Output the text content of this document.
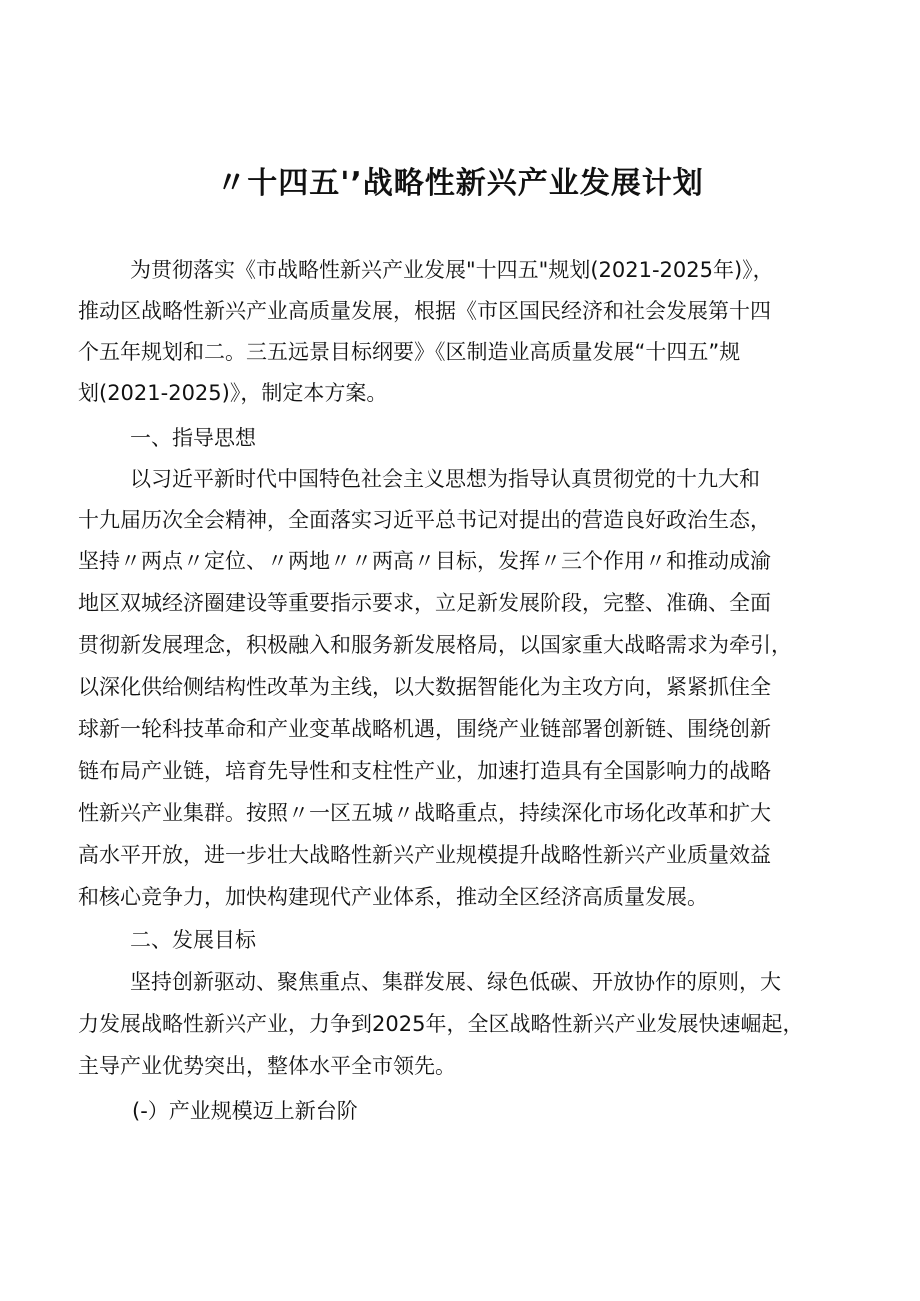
〃十四五'’战略性新兴产业发展计划
为贯彻落实《市战略性新兴产业发展"十四五"规划(2021-2025年)》，
推动区战略性新兴产业高质量发展，根据《市区国民经济和社会发展第十四
个五年规划和二。三五远景目标纲要》《区制造业高质量发展“十四五”规
划(2021-2025)》，制定本方案。
一、指导思想
以习近平新时代中国特色社会主义思想为指导认真贯彻党的十九大和
十九届历次全会精神，全面落实习近平总书记对提出的营造良好政治生态，
坚持〃两点〃定位、〃两地〃〃两高〃目标，发挥〃三个作用〃和推动成渝
地区双城经济圈建设等重要指示要求，立足新发展阶段，完整、准确、全面
贯彻新发展理念，积极融入和服务新发展格局，以国家重大战略需求为牵引，
以深化供给侧结构性改革为主线，以大数据智能化为主攻方向，紧紧抓住全
球新一轮科技革命和产业变革战略机遇，围绕产业链部署创新链、围绕创新
链布局产业链，培育先导性和支柱性产业，加速打造具有全国影响力的战略
性新兴产业集群。按照〃一区五城〃战略重点，持续深化市场化改革和扩大
高水平开放，进一步壮大战略性新兴产业规模提升战略性新兴产业质量效益
和核心竞争力，加快构建现代产业体系，推动全区经济高质量发展。
二、发展目标
坚持创新驱动、聚焦重点、集群发展、绿色低碳、开放协作的原则，大
力发展战略性新兴产业，力争到2025年，全区战略性新兴产业发展快速崛起，
主导产业优势突出，整体水平全市领先。
(-）产业规模迈上新台阶
